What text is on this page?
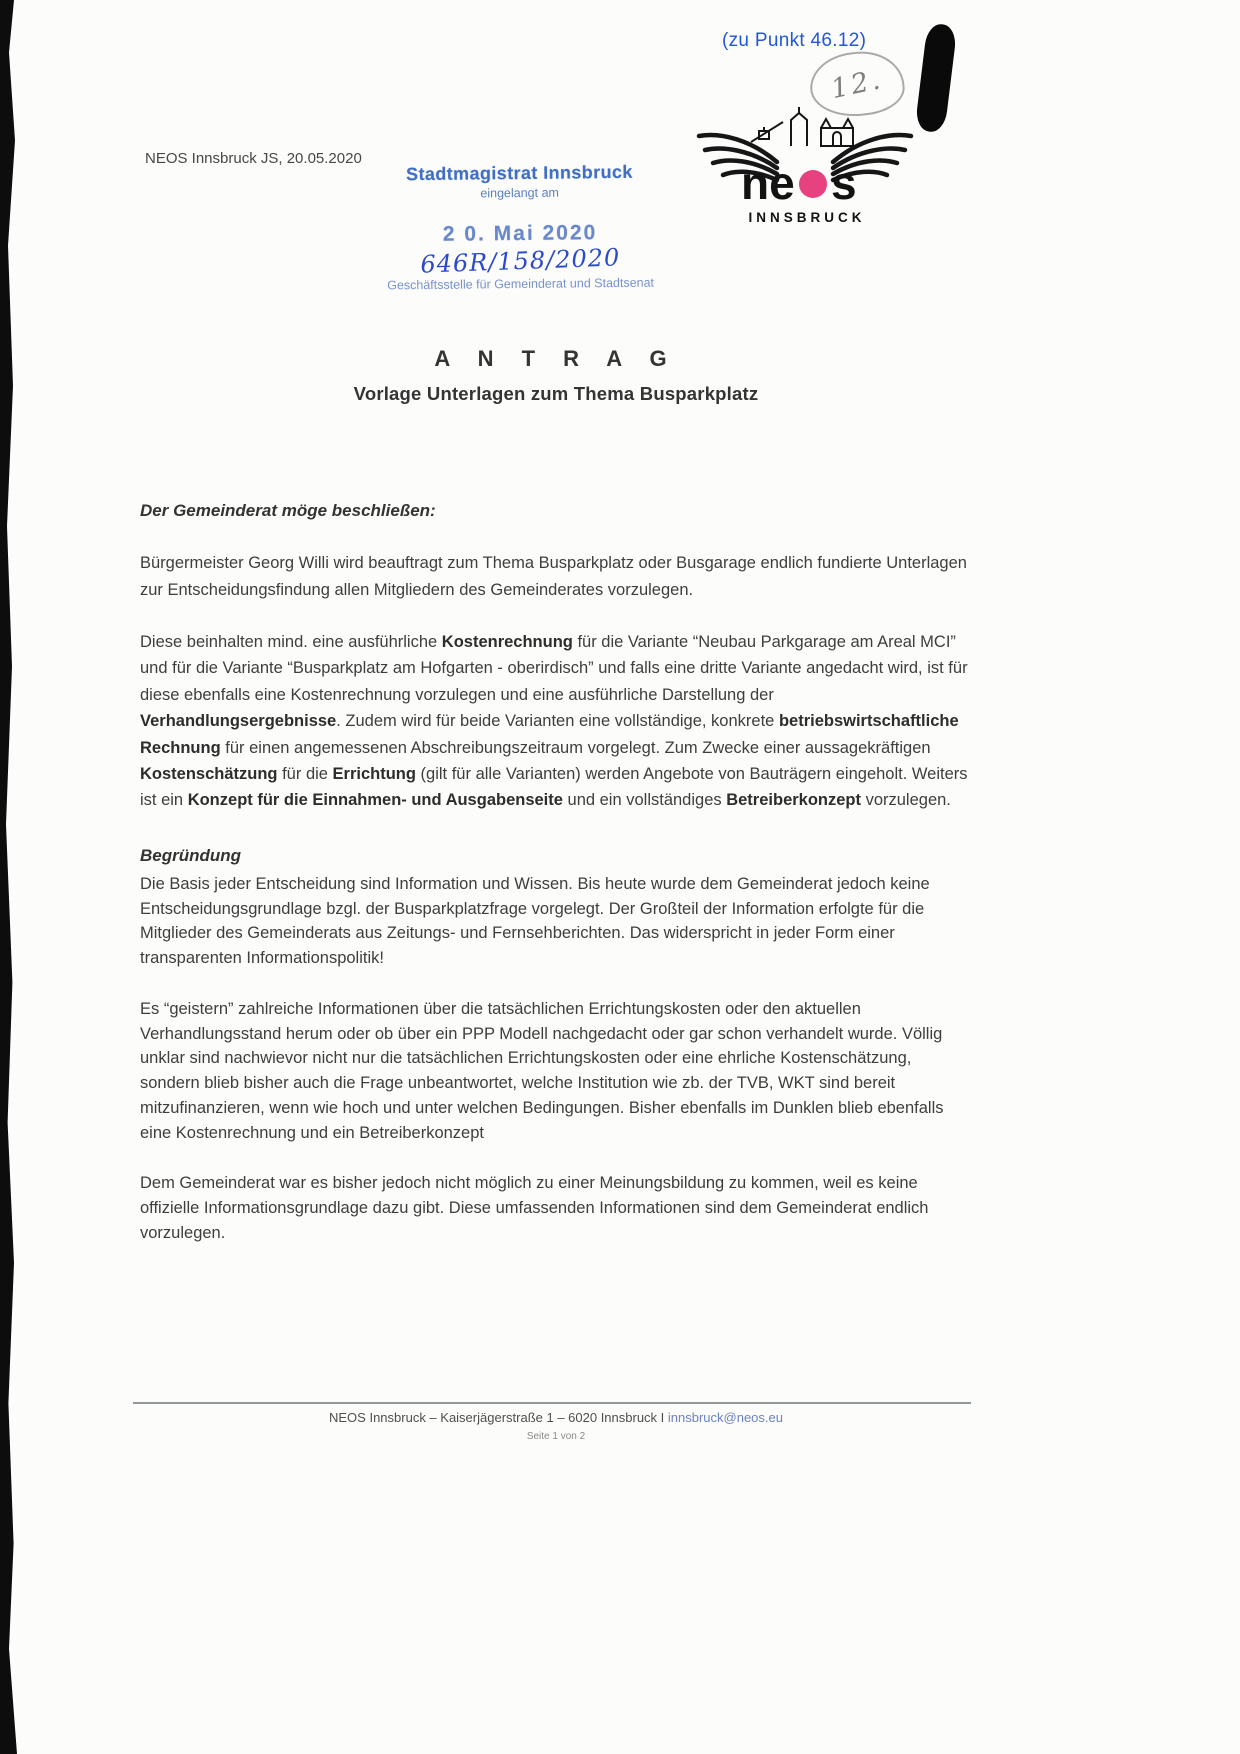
(zu Punkt 46.12)
12.
NEOS Innsbruck JS, 20.05.2020
Stadtmagistrat Innsbruck
eingelangt am
2 0. Mai 2020
646R/158/2020
Geschäftsstelle für Gemeinderat und Stadtsenat
ne s
INNSBRUCK
A N T R A G
Vorlage Unterlagen zum Thema Busparkplatz
Der Gemeinderat möge beschließen:

Bürgermeister Georg Willi wird beauftragt zum Thema Busparkplatz oder Busgarage endlich fundierte Unterlagen zur Entscheidungsfindung allen Mitgliedern des Gemeinderates vorzulegen.

Diese beinhalten mind. eine ausführliche Kostenrechnung für die Variante “Neubau Parkgarage am Areal MCI” und für die Variante “Busparkplatz am Hofgarten - oberirdisch” und falls eine dritte Variante angedacht wird, ist für diese ebenfalls eine Kostenrechnung vorzulegen und eine ausführliche Darstellung der Verhandlungsergebnisse. Zudem wird für beide Varianten eine vollständige, konkrete betriebswirtschaftliche Rechnung für einen angemessenen Abschreibungszeitraum vorgelegt. Zum Zwecke einer aussagekräftigen Kostenschätzung für die Errichtung (gilt für alle Varianten) werden Angebote von Bauträgern eingeholt. Weiters ist ein Konzept für die Einnahmen- und Ausgabenseite und ein vollständiges Betreiberkonzept vorzulegen.

Begründung

Die Basis jeder Entscheidung sind Information und Wissen. Bis heute wurde dem Gemeinderat jedoch keine Entscheidungsgrundlage bzgl. der Busparkplatzfrage vorgelegt. Der Großteil der Information erfolgte für die Mitglieder des Gemeinderats aus Zeitungs- und Fernsehberichten. Das widerspricht in jeder Form einer transparenten Informationspolitik!

Es “geistern” zahlreiche Informationen über die tatsächlichen Errichtungskosten oder den aktuellen Verhandlungsstand herum oder ob über ein PPP Modell nachgedacht oder gar schon verhandelt wurde. Völlig unklar sind nachwievor nicht nur die tatsächlichen Errichtungskosten oder eine ehrliche Kostenschätzung, sondern blieb bisher auch die Frage unbeantwortet, welche Institution wie zb. der TVB, WKT sind bereit mitzufinanzieren, wenn wie hoch und unter welchen Bedingungen. Bisher ebenfalls im Dunklen blieb ebenfalls eine Kostenrechnung und ein Betreiberkonzept

Dem Gemeinderat war es bisher jedoch nicht möglich zu einer Meinungsbildung zu kommen, weil es keine offizielle Informationsgrundlage dazu gibt. Diese umfassenden Informationen sind dem Gemeinderat endlich vorzulegen.

NEOS Innsbruck – Kaiserjägerstraße 1 – 6020 Innsbruck I innsbruck@neos.eu
Seite 1 von 2
